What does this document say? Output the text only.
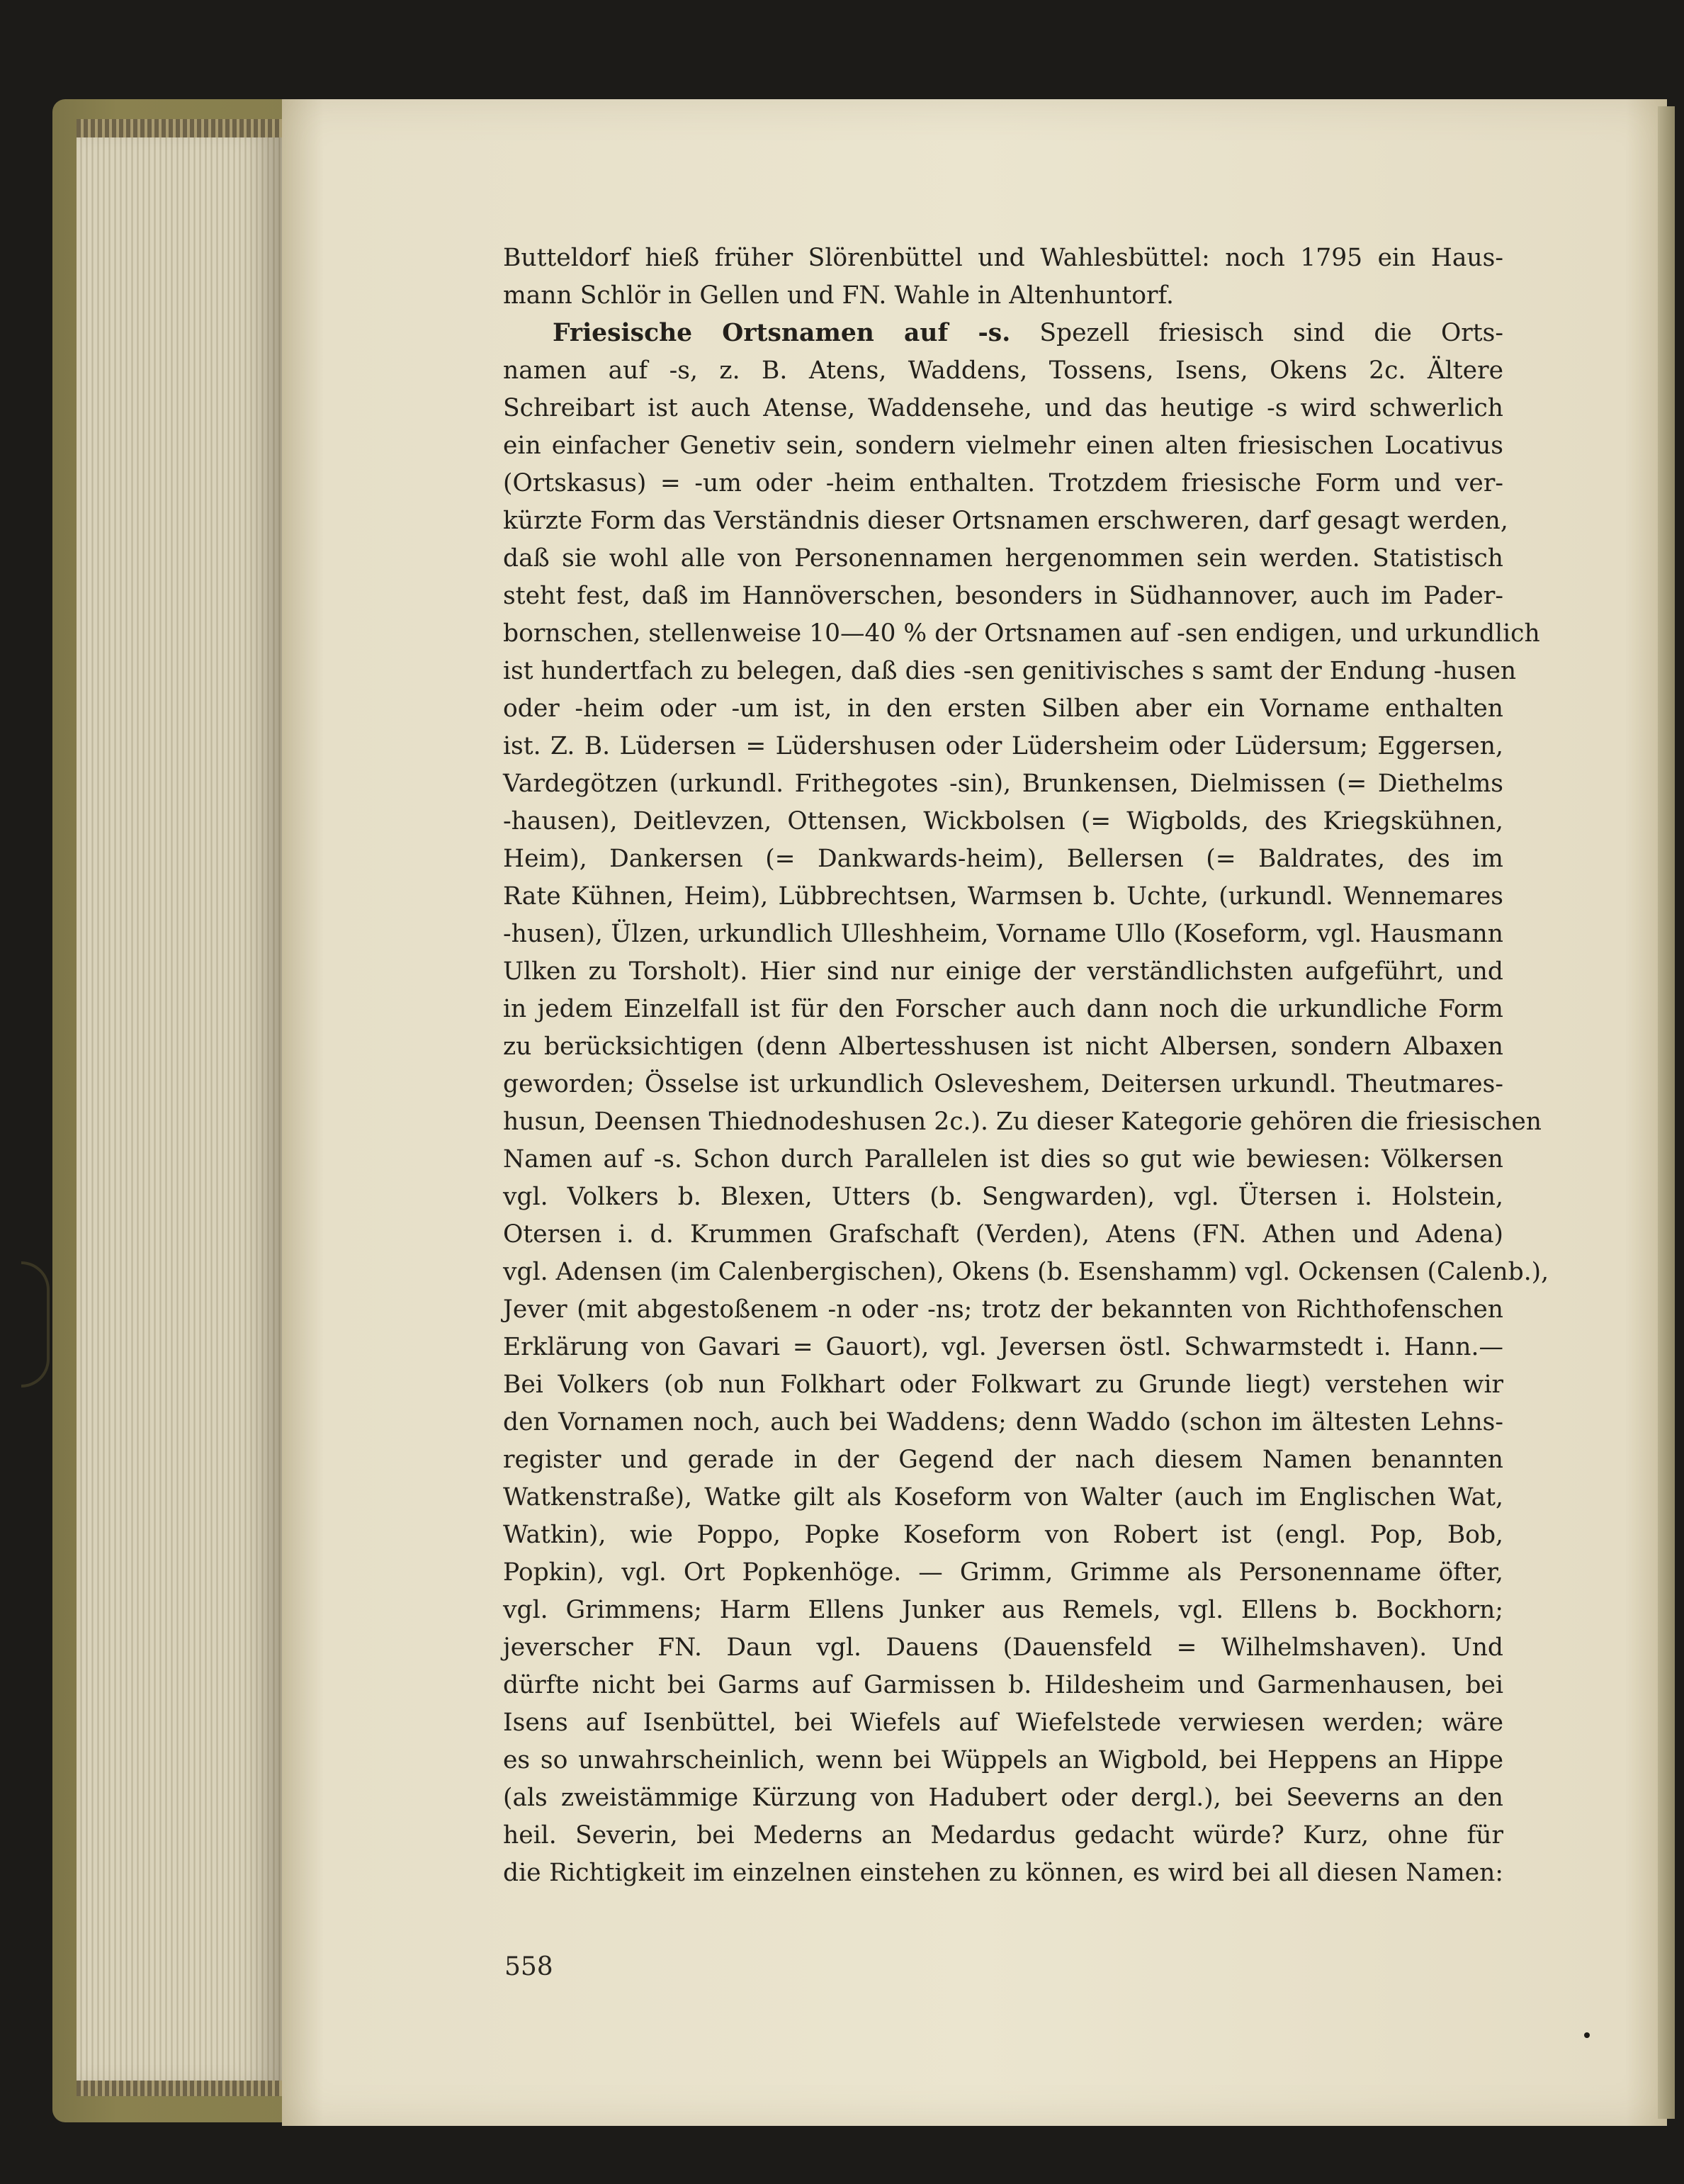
Butteldorf hieß früher Slörenbüttel und Wahlesbüttel: noch 1795 ein Haus-
mann Schlör in Gellen und FN. Wahle in Altenhuntorf.
Friesische Ortsnamen auf -s. Spezell friesisch sind die Orts-
namen auf -s, z. B. Atens, Waddens, Tossens, Isens, Okens 2c. Ältere
Schreibart ist auch Atense, Waddensehe, und das heutige -s wird schwerlich
ein einfacher Genetiv sein, sondern vielmehr einen alten friesischen Locativus
(Ortskasus) = -um oder -heim enthalten. Trotzdem friesische Form und ver-
kürzte Form das Verständnis dieser Ortsnamen erschweren, darf gesagt werden,
daß sie wohl alle von Personennamen hergenommen sein werden. Statistisch
steht fest, daß im Hannöverschen, besonders in Südhannover, auch im Pader-
bornschen, stellenweise 10—40 % der Ortsnamen auf -sen endigen, und urkundlich
ist hundertfach zu belegen, daß dies -sen genitivisches s samt der Endung -husen
oder -heim oder -um ist, in den ersten Silben aber ein Vorname enthalten
ist. Z. B. Lüdersen = Lüdershusen oder Lüdersheim oder Lüdersum; Eggersen,
Vardegötzen (urkundl. Frithegotes -sin), Brunkensen, Dielmissen (= Diethelms
-hausen), Deitlevzen, Ottensen, Wickbolsen (= Wigbolds, des Kriegskühnen,
Heim), Dankersen (= Dankwards-heim), Bellersen (= Baldrates, des im
Rate Kühnen, Heim), Lübbrechtsen, Warmsen b. Uchte, (urkundl. Wennemares
-husen), Ülzen, urkundlich Ulleshheim, Vorname Ullo (Koseform, vgl. Hausmann
Ulken zu Torsholt). Hier sind nur einige der verständlichsten aufgeführt, und
in jedem Einzelfall ist für den Forscher auch dann noch die urkundliche Form
zu berücksichtigen (denn Albertesshusen ist nicht Albersen, sondern Albaxen
geworden; Össelse ist urkundlich Osleveshem, Deitersen urkundl. Theutmares-
husun, Deensen Thiednodeshusen 2c.). Zu dieser Kategorie gehören die friesischen
Namen auf -s. Schon durch Parallelen ist dies so gut wie bewiesen: Völkersen
vgl. Volkers b. Blexen, Utters (b. Sengwarden), vgl. Ütersen i. Holstein,
Otersen i. d. Krummen Grafschaft (Verden), Atens (FN. Athen und Adena)
vgl. Adensen (im Calenbergischen), Okens (b. Esenshamm) vgl. Ockensen (Calenb.),
Jever (mit abgestoßenem -n oder -ns; trotz der bekannten von Richthofenschen
Erklärung von Gavari = Gauort), vgl. Jeversen östl. Schwarmstedt i. Hann.—
Bei Volkers (ob nun Folkhart oder Folkwart zu Grunde liegt) verstehen wir
den Vornamen noch, auch bei Waddens; denn Waddo (schon im ältesten Lehns-
register und gerade in der Gegend der nach diesem Namen benannten
Watkenstraße), Watke gilt als Koseform von Walter (auch im Englischen Wat,
Watkin), wie Poppo, Popke Koseform von Robert ist (engl. Pop, Bob,
Popkin), vgl. Ort Popkenhöge. — Grimm, Grimme als Personenname öfter,
vgl. Grimmens; Harm Ellens Junker aus Remels, vgl. Ellens b. Bockhorn;
jeverscher FN. Daun vgl. Dauens (Dauensfeld = Wilhelmshaven). Und
dürfte nicht bei Garms auf Garmissen b. Hildesheim und Garmenhausen, bei
Isens auf Isenbüttel, bei Wiefels auf Wiefelstede verwiesen werden; wäre
es so unwahrscheinlich, wenn bei Wüppels an Wigbold, bei Heppens an Hippe
(als zweistämmige Kürzung von Hadubert oder dergl.), bei Seeverns an den
heil. Severin, bei Mederns an Medardus gedacht würde? Kurz, ohne für
die Richtigkeit im einzelnen einstehen zu können, es wird bei all diesen Namen:
558
